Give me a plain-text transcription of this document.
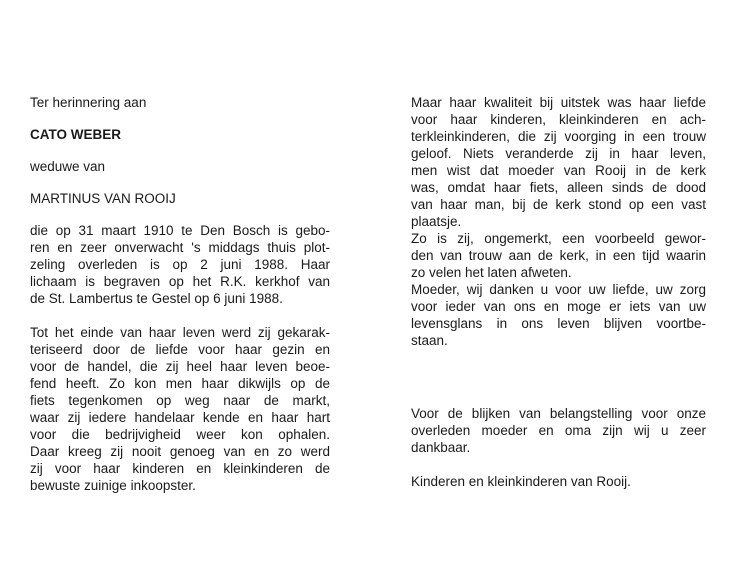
Ter herinnering aan
CATO WEBER
weduwe van
MARTINUS VAN ROOIJ
die op 31 maart 1910 te Den Bosch is gebo-
ren en zeer onverwacht 's middags thuis plot-
zeling overleden is op 2 juni 1988. Haar
lichaam is begraven op het R.K. kerkhof van
de St. Lambertus te Gestel op 6 juni 1988.
Tot het einde van haar leven werd zij gekarak-
teriseerd door de liefde voor haar gezin en
voor de handel, die zij heel haar leven beoe-
fend heeft. Zo kon men haar dikwijls op de
fiets tegenkomen op weg naar de markt,
waar zij iedere handelaar kende en haar hart
voor die bedrijvigheid weer kon ophalen.
Daar kreeg zij nooit genoeg van en zo werd
zij voor haar kinderen en kleinkinderen de
bewuste zuinige inkoopster.
Maar haar kwaliteit bij uitstek was haar liefde
voor haar kinderen, kleinkinderen en ach-
terkleinkinderen, die zij voorging in een trouw
geloof. Niets veranderde zij in haar leven,
men wist dat moeder van Rooij in de kerk
was, omdat haar fiets, alleen sinds de dood
van haar man, bij de kerk stond op een vast
plaatsje.
Zo is zij, ongemerkt, een voorbeeld gewor-
den van trouw aan de kerk, in een tijd waarin
zo velen het laten afweten.
Moeder, wij danken u voor uw liefde, uw zorg
voor ieder van ons en moge er iets van uw
levensglans in ons leven blijven voortbe-
staan.
Voor de blijken van belangstelling voor onze
overleden moeder en oma zijn wij u zeer
dankbaar.
Kinderen en kleinkinderen van Rooij.
